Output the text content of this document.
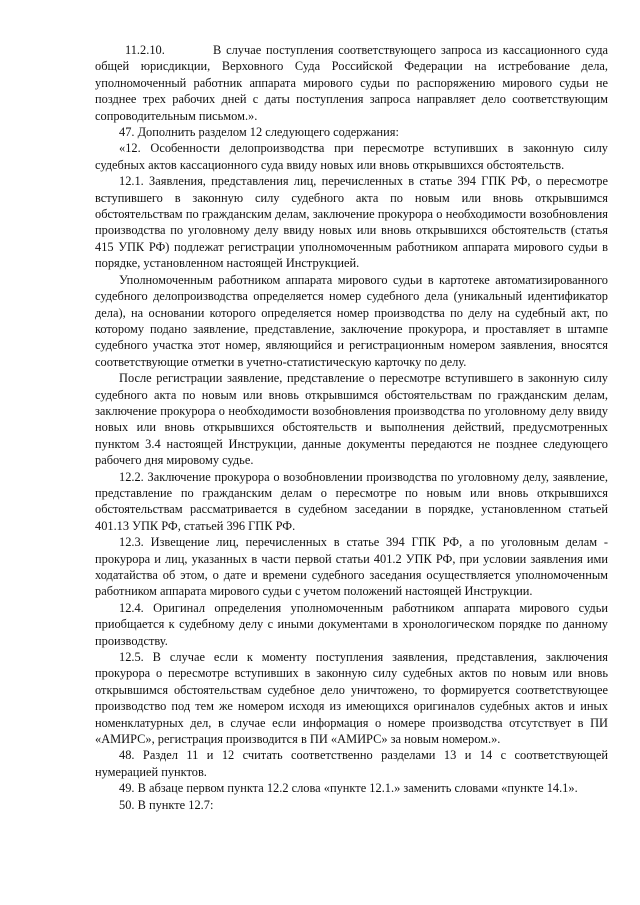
11.2.10.	В случае поступления соответствующего запроса из кассационного суда общей юрисдикции, Верховного Суда Российской Федерации на истребование дела, уполномоченный работник аппарата мирового судьи по распоряжению мирового судьи не позднее трех рабочих дней с даты поступления запроса направляет дело соответствующим сопроводительным письмом.».

47. Дополнить разделом 12 следующего содержания:

«12. Особенности делопроизводства при пересмотре вступивших в законную силу судебных актов кассационного суда ввиду новых или вновь открывшихся обстоятельств.

12.1. Заявления, представления лиц, перечисленных в статье 394 ГПК РФ, о пересмотре вступившего в законную силу судебного акта по новым или вновь открывшимся обстоятельствам по гражданским делам, заключение прокурора о необходимости возобновления производства по уголовному делу ввиду новых или вновь открывшихся обстоятельств (статья 415 УПК РФ) подлежат регистрации уполномоченным работником аппарата мирового судьи в порядке, установленном настоящей Инструкцией.

Уполномоченным работником аппарата мирового судьи в картотеке автоматизированного судебного делопроизводства определяется номер судебного дела (уникальный идентификатор дела), на основании которого определяется номер производства по делу на судебный акт, по которому подано заявление, представление, заключение прокурора, и проставляет в штампе судебного участка этот номер, являющийся и регистрационным номером заявления, вносятся соответствующие отметки в учетно-статистическую карточку по делу.

После регистрации заявление, представление о пересмотре вступившего в законную силу судебного акта по новым или вновь открывшимся обстоятельствам по гражданским делам, заключение прокурора о необходимости возобновления производства по уголовному делу ввиду новых или вновь открывшихся обстоятельств и выполнения действий, предусмотренных пунктом 3.4 настоящей Инструкции, данные документы передаются не позднее следующего рабочего дня мировому судье.

12.2. Заключение прокурора о возобновлении производства по уголовному делу, заявление, представление по гражданским делам о пересмотре по новым или вновь открывшихся обстоятельствам рассматривается в судебном заседании в порядке, установленном статьей 401.13 УПК РФ, статьей 396 ГПК РФ.

12.3. Извещение лиц, перечисленных в статье 394 ГПК РФ, а по уголовным делам - прокурора и лиц, указанных в части первой статьи 401.2 УПК РФ, при условии заявления ими ходатайства об этом, о дате и времени судебного заседания осуществляется уполномоченным работником аппарата мирового судьи с учетом положений настоящей Инструкции.

12.4. Оригинал определения уполномоченным работником аппарата мирового судьи приобщается к судебному делу с иными документами в хронологическом порядке по данному производству.

12.5. В случае если к моменту поступления заявления, представления, заключения прокурора о пересмотре вступивших в законную силу судебных актов по новым или вновь открывшимся обстоятельствам судебное дело уничтожено, то формируется соответствующее производство под тем же номером исходя из имеющихся оригиналов судебных актов и иных номенклатурных дел, в случае если информация о номере производства отсутствует в ПИ «АМИРС», регистрация производится в ПИ «АМИРС» за новым номером.».

48. Раздел 11 и 12 считать соответственно разделами 13 и 14 с соответствующей нумерацией пунктов.

49. В абзаце первом пункта 12.2 слова «пункте 12.1.» заменить словами «пункте 14.1».

50. В пункте 12.7:
